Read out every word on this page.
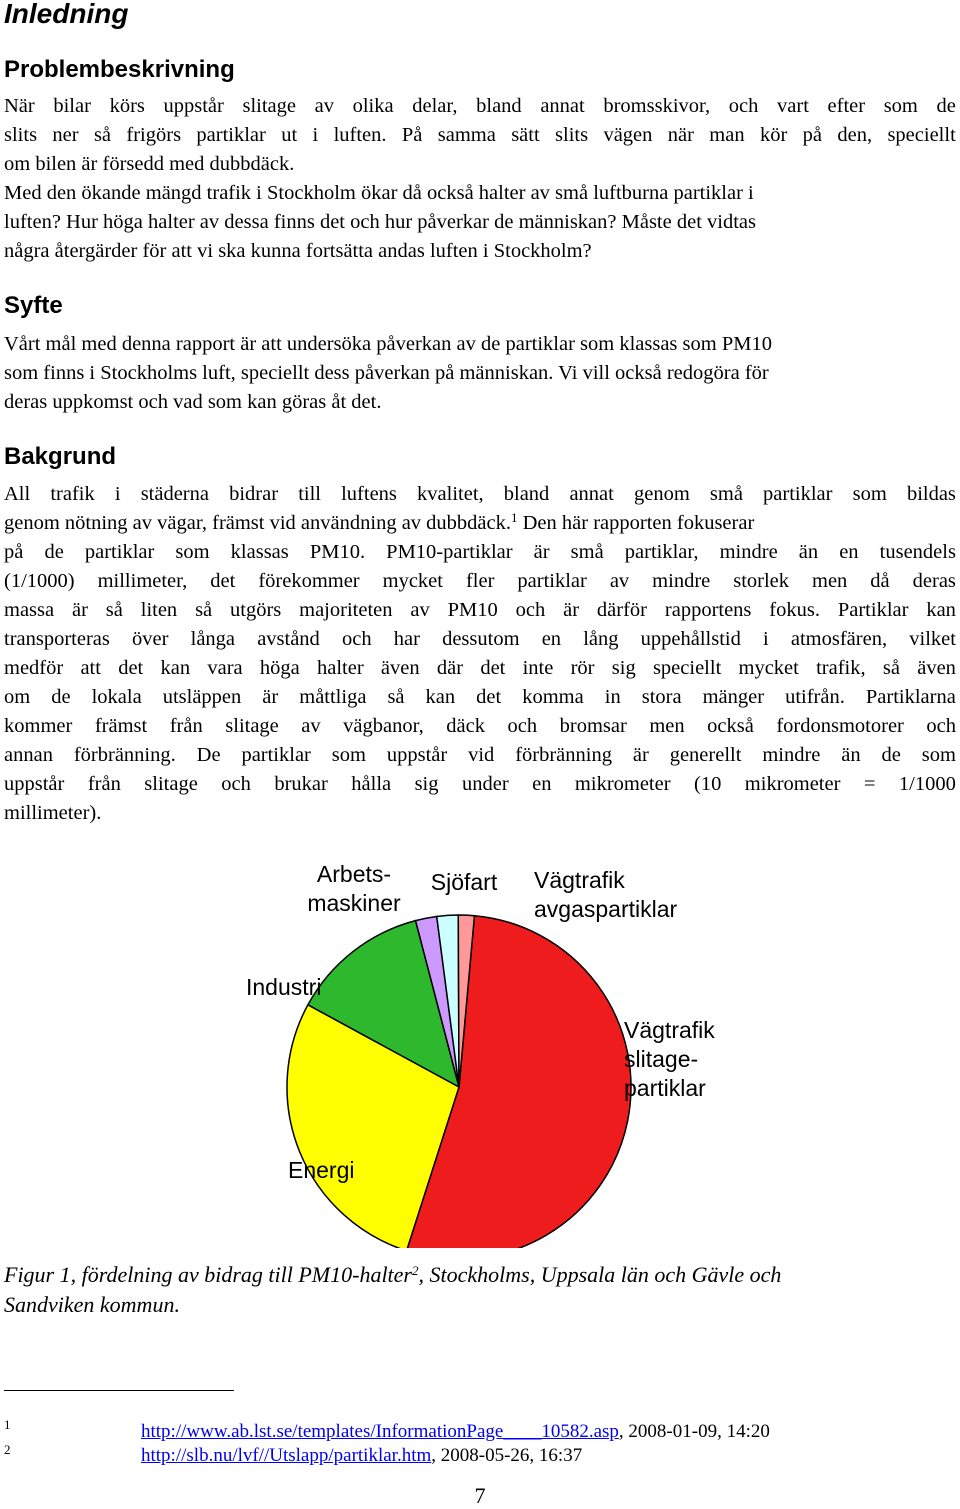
Inledning
Problembeskrivning
När bilar körs uppstår slitage av olika delar, bland annat bromsskivor, och vart efter som de
slits ner så frigörs partiklar ut i luften. På samma sätt slits vägen när man kör på den, speciellt
om bilen är försedd med dubbdäck.
Med den ökande mängd trafik i Stockholm ökar då också halter av små luftburna partiklar i
luften? Hur höga halter av dessa finns det och hur påverkar de människan? Måste det vidtas
några återgärder för att vi ska kunna fortsätta andas luften i Stockholm?
Syfte
Vårt mål med denna rapport är att undersöka påverkan av de partiklar som klassas som PM10
som finns i Stockholms luft, speciellt dess påverkan på människan. Vi vill också redogöra för
deras uppkomst och vad som kan göras åt det.
Bakgrund
All trafik i städerna bidrar till luftens kvalitet, bland annat genom små partiklar som bildas
genom nötning av vägar, främst vid användning av dubbdäck.$^1$ Den här rapporten fokuserar
millimeter).
Vägtrafik
slitage-
partiklar
Energi
Industri
Arbets-
maskiner
Sjöfart Vägtrafik
avgaspartiklar
Figur 1, fördelning av bidrag till PM10-halter$^2$, Stockholms, Uppsala län och Gävle och
Sandviken kommun.
1	http://www.ab.lst.se/templates/InformationPage____10582.asp, 2008-01-09, 14:20
2	http://slb.nu/lvf//Utslapp/partiklar.htm, 2008-05-26, 16:37
7
på de partiklar som klassas PM10. PM10-partiklar är små partiklar, mindre än en tusendels
(1/1000) millimeter, det förekommer mycket fler partiklar av mindre storlek men då deras
massa är så liten så utgörs majoriteten av PM10 och är därför rapportens fokus. Partiklar kan
transporteras över långa avstånd och har dessutom en lång uppehållstid i atmosfären, vilket
medför att det kan vara höga halter även där det inte rör sig speciellt mycket trafik, så även
om de lokala utsläppen är måttliga så kan det komma in stora mänger utifrån. Partiklarna
kommer främst från slitage av vägbanor, däck och bromsar men också fordonsmotorer och
annan förbränning. De partiklar som uppstår vid förbränning är generellt mindre än de som
uppstår från slitage och brukar hålla sig under en mikrometer (10 mikrometer = 1/1000
